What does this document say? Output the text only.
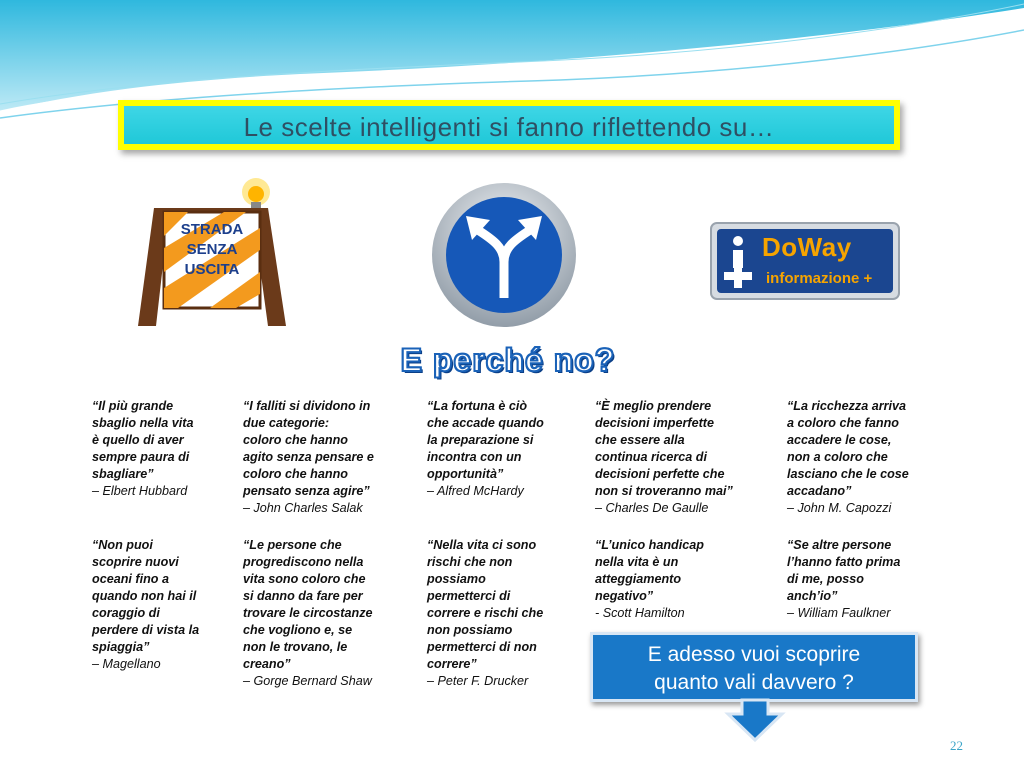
Le scelte intelligenti si fanno riflettendo su…
STRADA
SENZA
USCITA
DoWay
informazione +
E perché no?
“Il più grande
sbaglio nella vita
è quello di aver
sempre paura di
sbagliare”
– Elbert Hubbard
“I falliti si dividono in
due categorie:
coloro che hanno
agito senza pensare e
coloro che hanno
pensato senza agire”
– John Charles Salak
“La fortuna è ciò
che accade quando
la preparazione si
incontra con un
opportunità”
– Alfred McHardy
“È meglio prendere
decisioni imperfette
che essere alla
continua ricerca di
decisioni perfette che
non si troveranno mai”
– Charles De Gaulle
“La ricchezza arriva
a coloro che fanno
accadere le cose,
non a coloro che
lasciano che le cose
accadano”
– John M. Capozzi
“Non puoi
scoprire nuovi
oceani fino a
quando non hai il
coraggio di
perdere di vista la
spiaggia”
– Magellano
“Le persone che
progrediscono nella
vita sono coloro che
si danno da fare per
trovare le circostanze
che vogliono e, se
non le trovano, le
creano”
– Gorge Bernard Shaw
“Nella vita ci sono
rischi che non
possiamo
permetterci di
correre e rischi che
non possiamo
permetterci di non
correre”
– Peter F. Drucker
“L’unico handicap
nella vita è un
atteggiamento
negativo”
- Scott Hamilton
“Se altre persone
l’hanno fatto prima
di me, posso
anch’io”
– William Faulkner
E adesso vuoi scoprire
quanto vali davvero ?
22
